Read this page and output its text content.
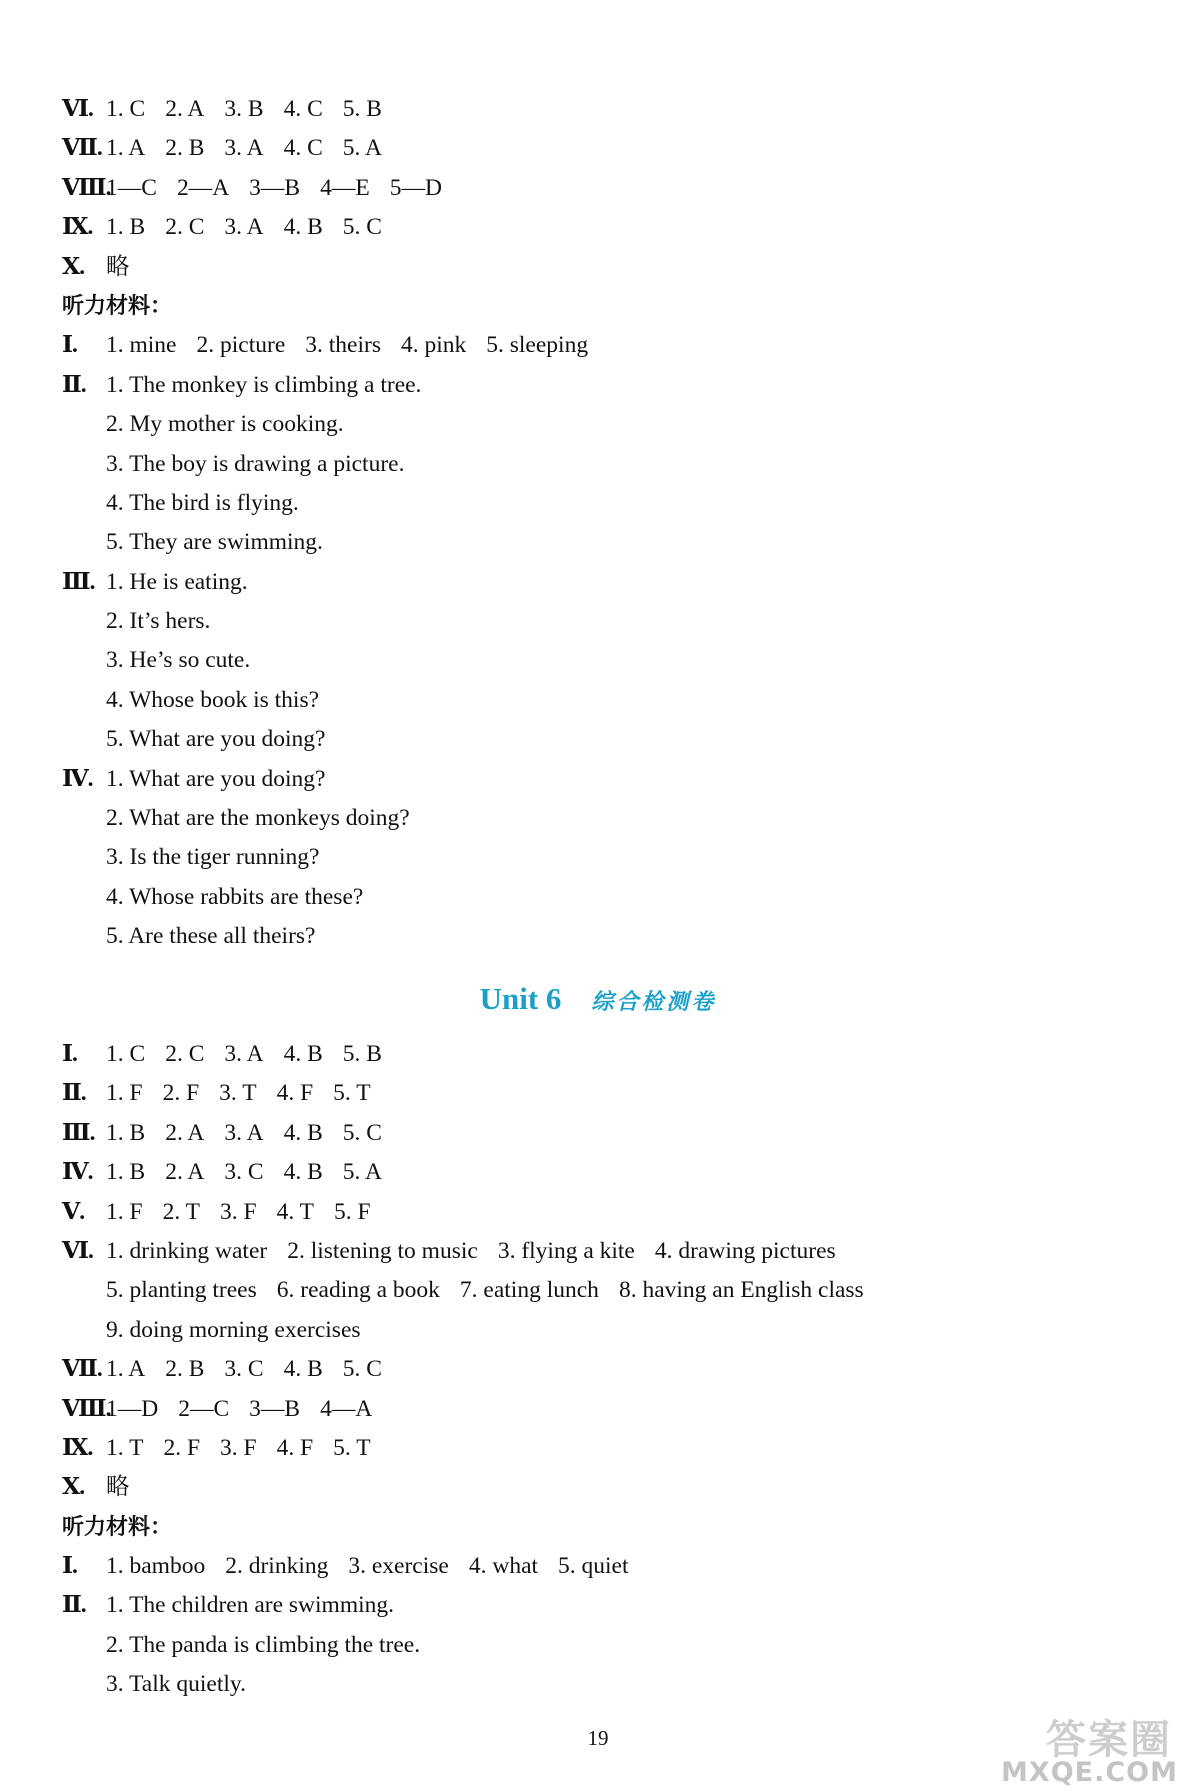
Ⅵ. 1. C 2. A 3. B 4. C 5. B
Ⅶ. 1. A 2. B 3. A 4. C 5. A
Ⅷ.
1—C 2—A 3—B 4—E 5—D
Ⅸ. 1. B 2. C 3. A 4. B 5. C
Ⅹ. 略
听力材料：
Ⅰ. 1. mine 2. picture 3. theirs 4. pink 5. sleeping
Ⅱ. 1. The monkey is climbing a tree.
2. My mother is cooking.
3. The boy is drawing a picture.
4. The bird is flying.
5. They are swimming.
Ⅲ. 1. He is eating.
2. It’s hers.
3. He’s so cute.
4. Whose book is this?
5. What are you doing?
Ⅳ. 1. What are you doing?
2. What are the monkeys doing?
3. Is the tiger running?
4. Whose rabbits are these?
5. Are these all theirs?
Unit 6 综合检测卷
Ⅰ. 1. C 2. C 3. A 4. B 5. B
Ⅱ. 1. F 2. F 3. T 4. F 5. T
Ⅲ. 1. B 2. A 3. A 4. B 5. C
Ⅳ. 1. B 2. A 3. C 4. B 5. A
Ⅴ. 1. F 2. T 3. F 4. T 5. F
Ⅵ. 1. drinking water 2. listening to music 3. flying a kite 4. drawing pictures
5. planting trees 6. reading a book 7. eating lunch 8. having an English class
9. doing morning exercises
Ⅶ. 1. A 2. B 3. C 4. B 5. C
Ⅷ.
1—D 2—C 3—B 4—A
Ⅸ. 1. T 2. F 3. F 4. F 5. T
Ⅹ. 略
听力材料：
Ⅰ. 1. bamboo 2. drinking 3. exercise 4. what 5. quiet
Ⅱ. 1. The children are swimming.
2. The panda is climbing the tree.
3. Talk quietly.
19	答案圈
MXQE.COM
